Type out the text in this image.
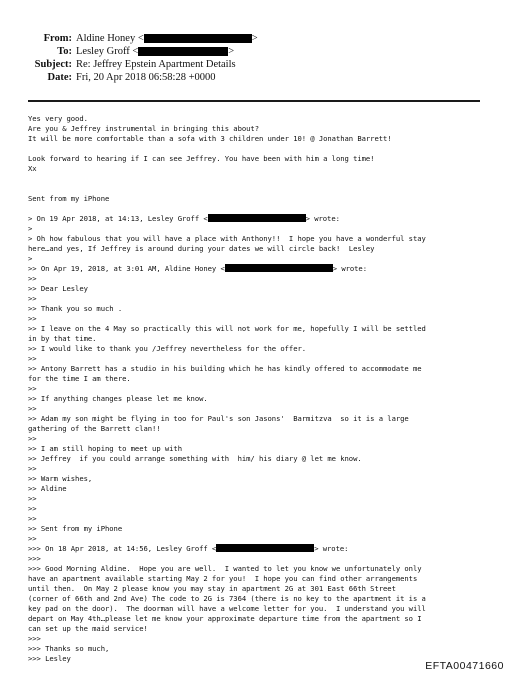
From: Aldine Honey <	>
To: Lesley Groff <	>
Subject: Re: Jeffrey Epstein Apartment Details
Date: Fri, 20 Apr 2018 06:58:28 +0000
Yes very good.
Are you & Jeffrey instrumental in bringing this about?
It will be more comfortable than a sofa with 3 children under 10! @ Jonathan Barrett!
Look forward to hearing if I can see Jeffrey. You have been with him a long time!
Xx
Sent from my iPhone
> On 19 Apr 2018, at 14:13, Lesley Groff <	> wrote:
>
> Oh how fabulous that you will have a place with Anthony!!  I hope you have a wonderful stay
here…and yes, If Jeffrey is around during your dates we will circle back!  Lesley
>
>> On Apr 19, 2018, at 3:01 AM, Aldine Honey <	> wrote:
>>
>> Dear Lesley
>>
>> Thank you so much .
>>
>> I leave on the 4 May so practically this will not work for me, hopefully I will be settled
in by that time.
>> I would like to thank you /Jeffrey nevertheless for the offer.
>>
>> Antony Barrett has a studio in his building which he has kindly offered to accommodate me
for the time I am there.
>>
>> If anything changes please let me know.
>>
>> Adam my son might be flying in too for Paul's son Jasons'  Barmitzva  so it is a large
gathering of the Barrett clan!!
>>
>> I am still hoping to meet up with
>> Jeffrey  if you could arrange something with  him/ his diary @ let me know.
>>
>> Warm wishes,
>> Aldine
>>
>>
>>
>> Sent from my iPhone
>>
>>> On 18 Apr 2018, at 14:56, Lesley Groff <	> wrote:
>>>
>>> Good Morning Aldine.  Hope you are well.  I wanted to let you know we unfortunately only
have an apartment available starting May 2 for you!  I hope you can find other arrangements
until then.  On May 2 please know you may stay in apartment 2G at 301 East 66th Street
(corner of 66th and 2nd Ave) The code to 2G is 7364 (there is no key to the apartment it is a
key pad on the door).  The doorman will have a welcome letter for you.  I understand you will
depart on May 4th…please let me know your approximate departure time from the apartment so I
can set up the maid service!
>>>
>>> Thanks so much,
>>> Lesley
EFTA00471660
